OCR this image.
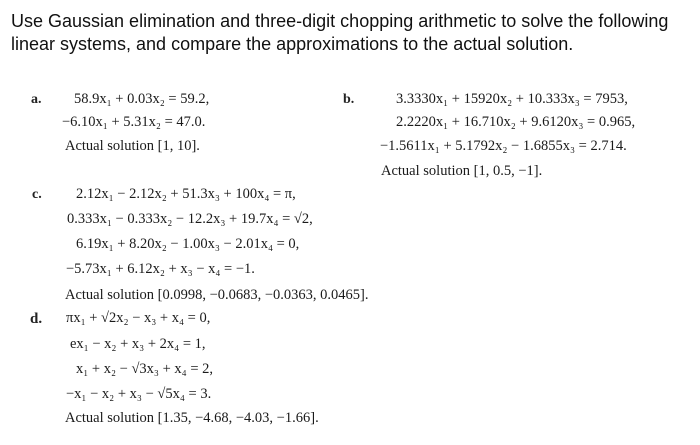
Use Gaussian elimination and three-digit chopping arithmetic to solve the following linear systems, and compare the approximations to the actual solution.

a. 58.9x₁ + 0.03x₂ = 59.2,
−6.10x₁ + 5.31x₂ = 47.0.
Actual solution [1, 10].
b.	3.3330x₁ + 15920x₂ + 10.333x₃ = 7953,
2.2220x₁ + 16.710x₂ + 9.6120x₃ = 0.965,
−1.5611x₁ + 5.1792x₂ − 1.6855x₃ = 2.714.
Actual solution [1, 0.5, −1].
c. 2.12x₁ − 2.12x₂ + 51.3x₃ + 100x₄ = π,
0.333x₁ − 0.333x₂ − 12.2x₃ + 19.7x₄ = √2,
6.19x₁ + 8.20x₂ − 1.00x₃ − 2.01x₄ = 0,
−5.73x₁ + 6.12x₂ + x₃ − x₄ = −1.
Actual solution [0.0998, −0.0683, −0.0363, 0.0465].
d. πx₁ + √2x₂ − x₃ + x₄ = 0,
ex₁ − x₂ + x₃ + 2x₄ = 1,
x₁ + x₂ − √3x₃ + x₄ = 2,
−x₁ − x₂ + x₃ − √5x₄ = 3.
Actual solution [1.35, −4.68, −4.03, −1.66].
